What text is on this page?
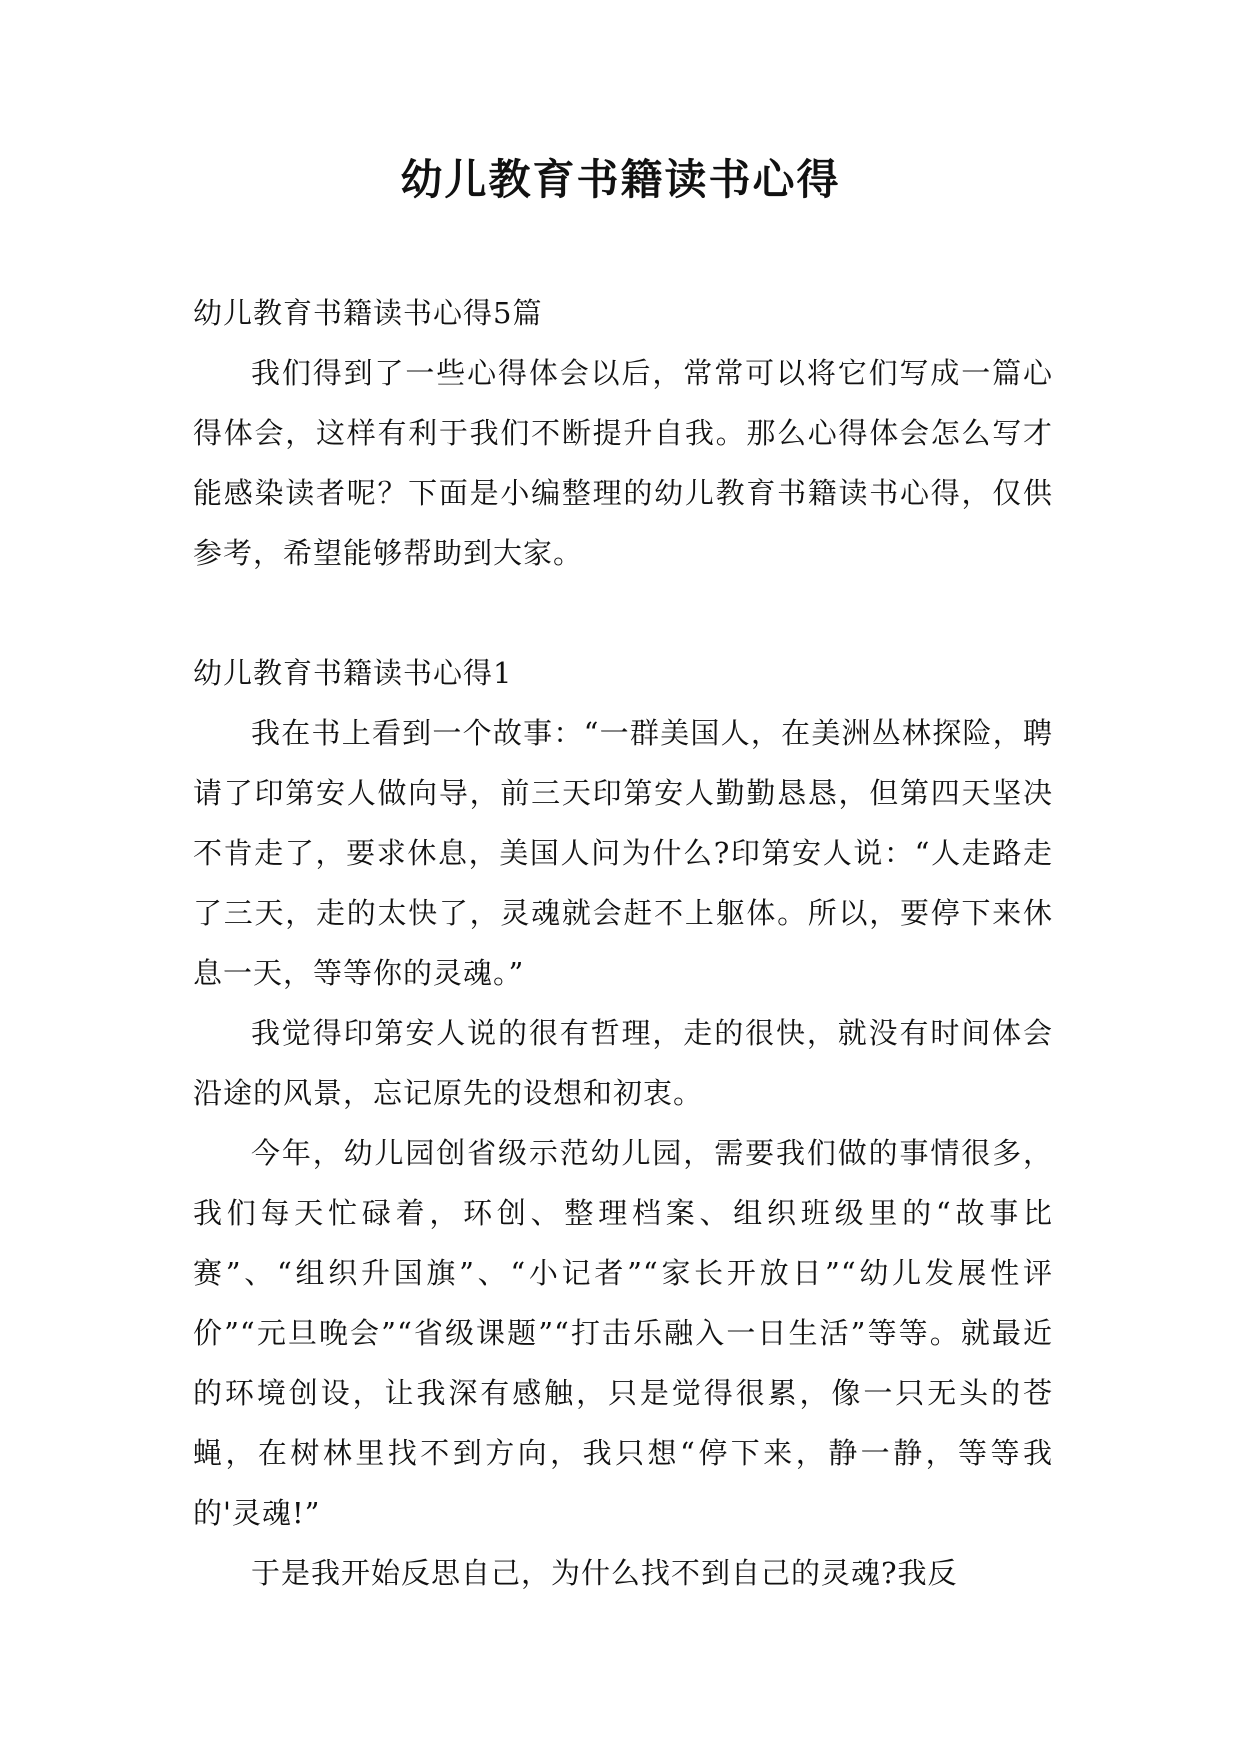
幼儿教育书籍读书心得

幼儿教育书籍读书心得5篇

我们得到了一些心得体会以后，常常可以将它们写成一篇心得体会，这样有利于我们不断提升自我。那么心得体会怎么写才能感染读者呢？下面是小编整理的幼儿教育书籍读书心得，仅供参考，希望能够帮助到大家。

幼儿教育书籍读书心得1

我在书上看到一个故事：“一群美国人，在美洲丛林探险，聘请了印第安人做向导，前三天印第安人勤勤恳恳，但第四天坚决不肯走了，要求休息，美国人问为什么?印第安人说：“人走路走了三天，走的太快了，灵魂就会赶不上躯体。所以，要停下来休息一天，等等你的灵魂。”

我觉得印第安人说的很有哲理，走的很快，就没有时间体会沿途的风景，忘记原先的设想和初衷。

今年，幼儿园创省级示范幼儿园，需要我们做的事情很多，我们每天忙碌着，环创、整理档案、组织班级里的“故事比赛”、“组织升国旗”、“小记者”“家长开放日”“幼儿发展性评价”“元旦晚会”“省级课题”“打击乐融入一日生活”等等。就最近的环境创设，让我深有感触，只是觉得很累，像一只无头的苍蝇，在树林里找不到方向，我只想“停下来，静一静，等等我的'灵魂!”

于是我开始反思自己，为什么找不到自己的灵魂?我反
